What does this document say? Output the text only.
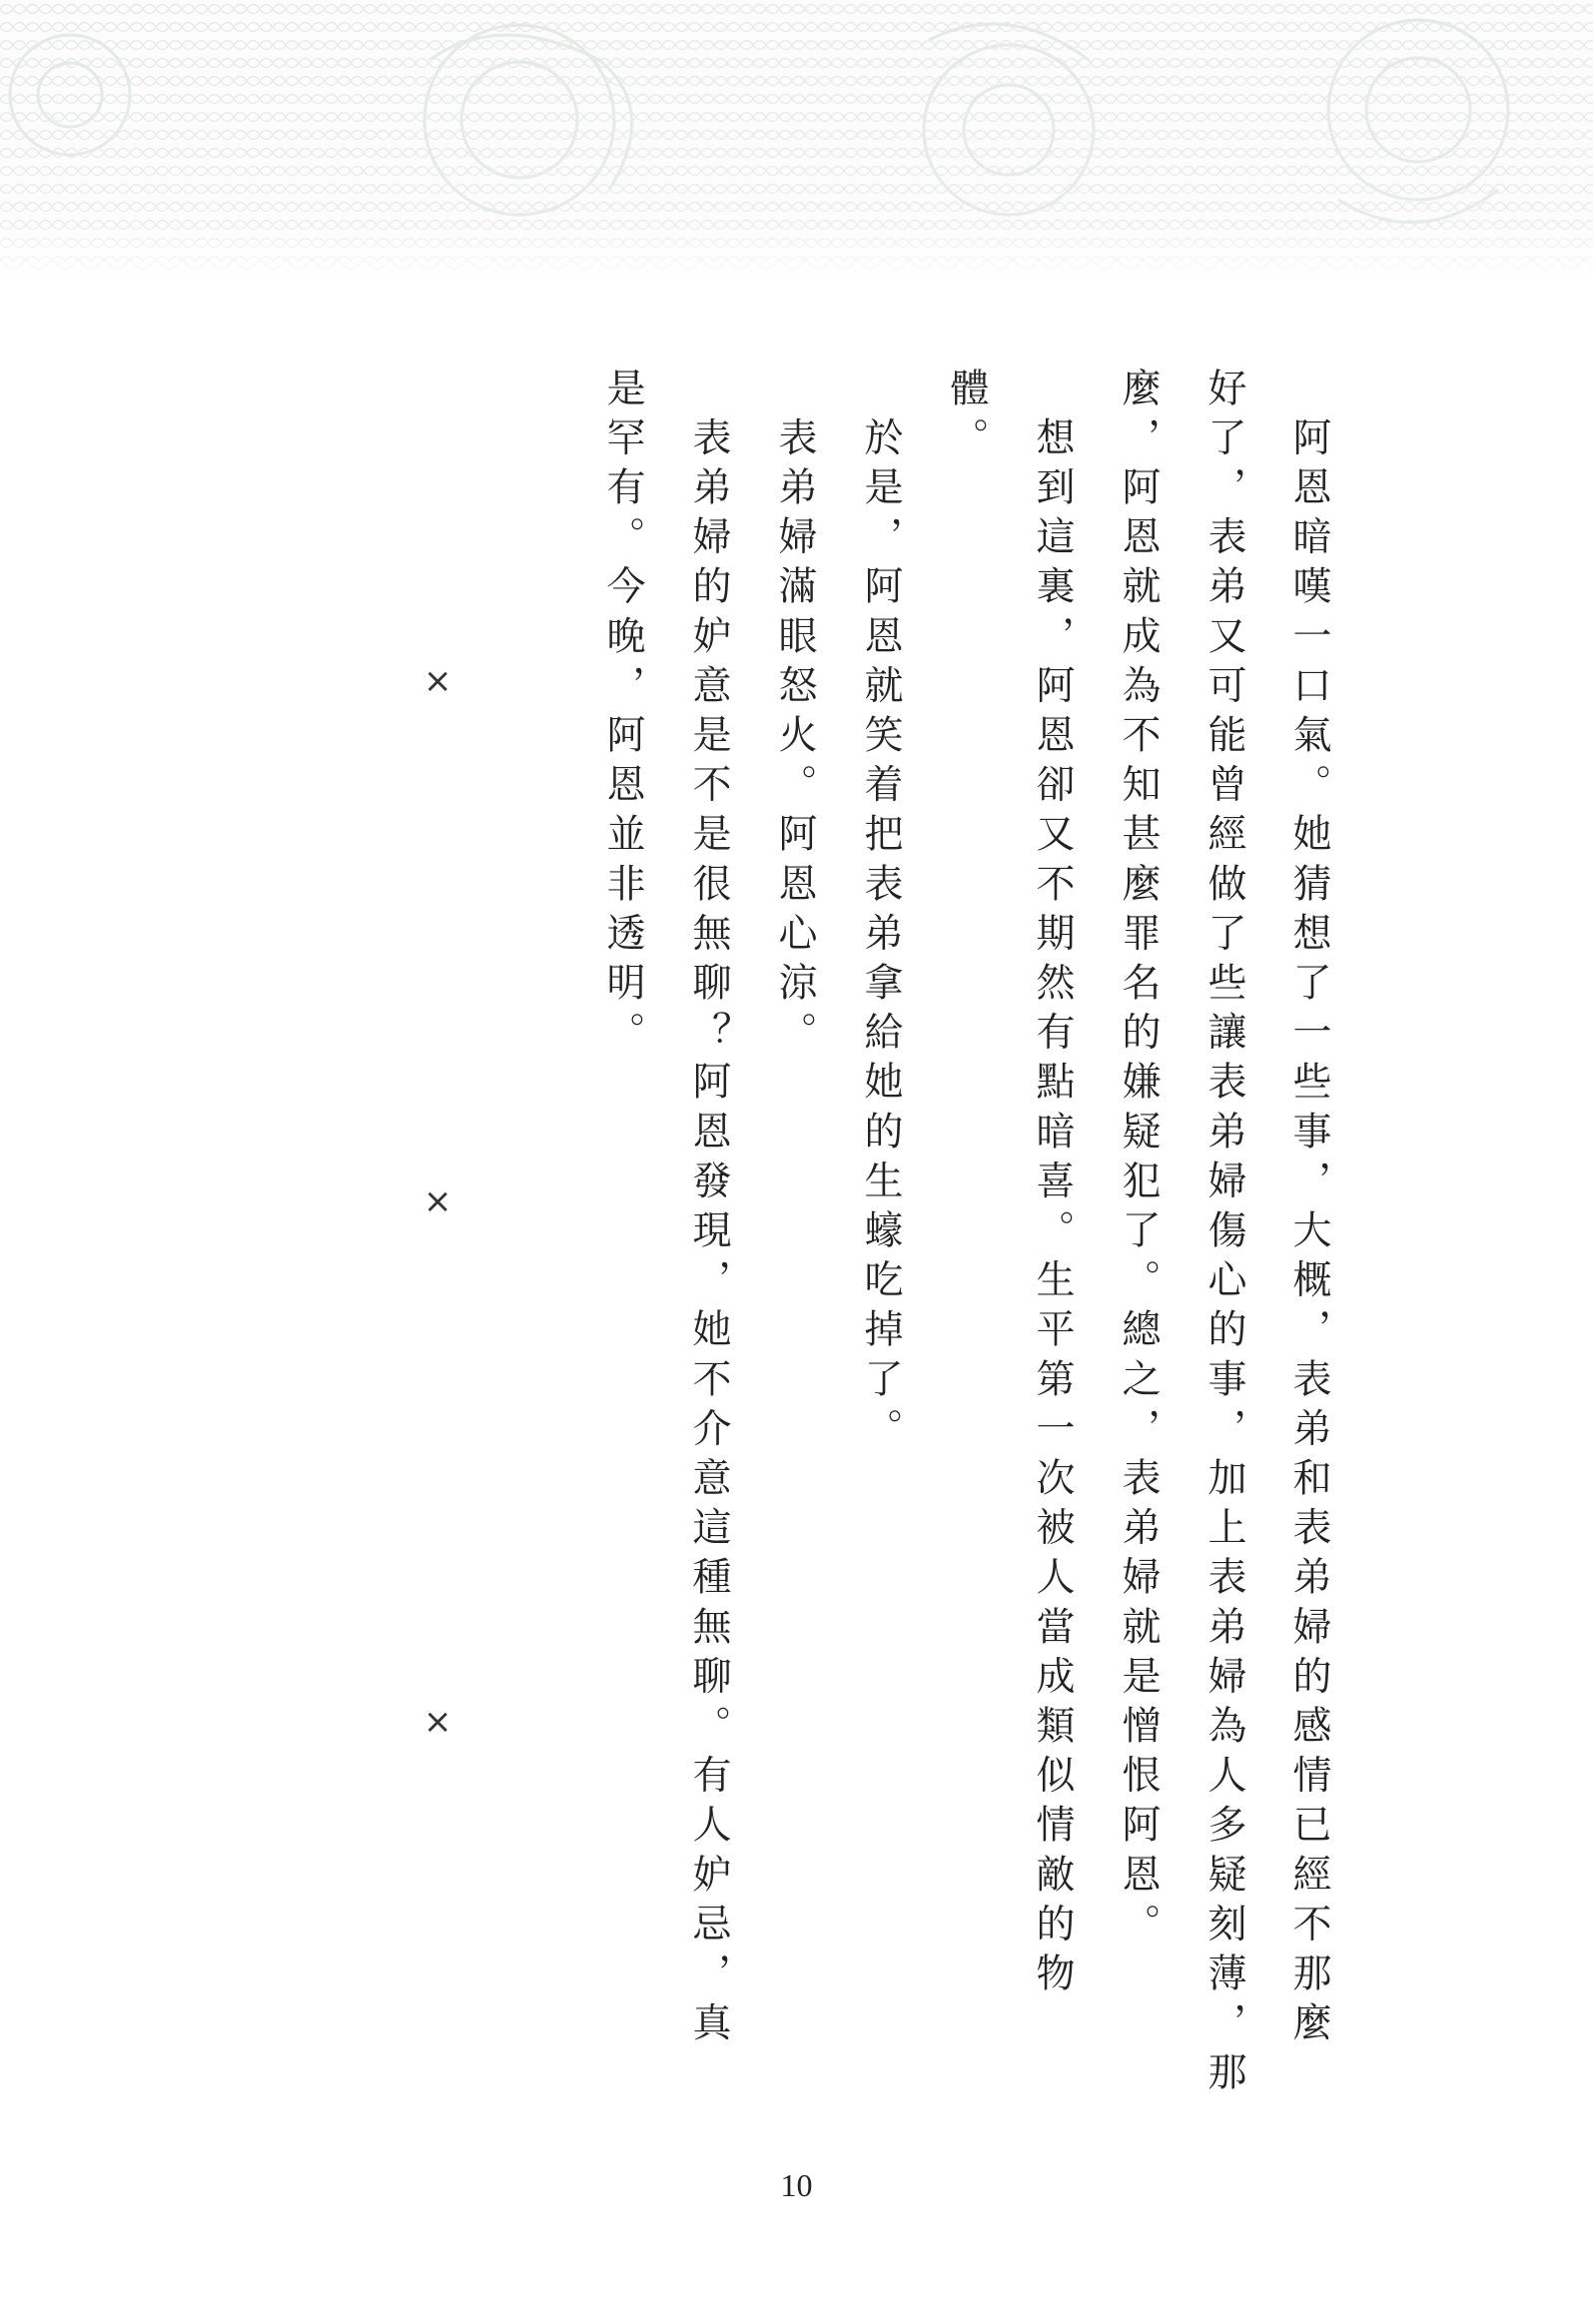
　阿恩暗嘆一口氣。她猜想了一些事，大概，表弟和表弟婦的感情已經不那麼
好了，表弟又可能曾經做了些讓表弟婦傷心的事，加上表弟婦為人多疑刻薄，那
麼，阿恩就成為不知甚麼罪名的嫌疑犯了。總之，表弟婦就是憎恨阿恩。
　想到這裏，阿恩卻又不期然有點暗喜。生平第一次被人當成類似情敵的物
體。
　於是，阿恩就笑着把表弟拿給她的生蠔吃掉了。
　表弟婦滿眼怒火。阿恩心涼。
　表弟婦的妒意是不是很無聊？阿恩發現，她不介意這種無聊。有人妒忌，真
是罕有。今晚，阿恩並非透明。
×
×
×
10
